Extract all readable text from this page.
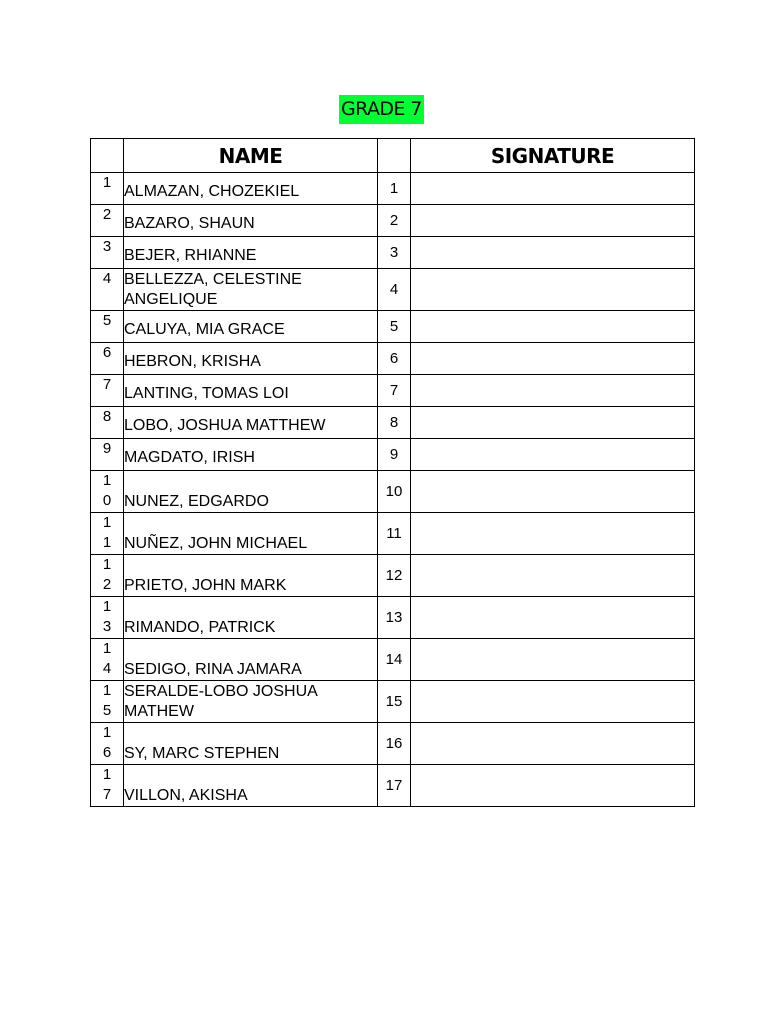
GRADE 7
	NAME		SIGNATURE

1	ALMAZAN, CHOZEKIEL	1	

2	BAZARO, SHAUN	2	

3	BEJER, RHIANNE	3	

4	BELLEZZA, CELESTINE ANGELIQUE	4	

5	CALUYA, MIA GRACE	5	

6	HEBRON, KRISHA	6	

7	LANTING, TOMAS LOI	7	

8	LOBO, JOSHUA MATTHEW	8	

9	MAGDATO, IRISH	9	

10	NUNEZ, EDGARDO	10	

11	NUÑEZ, JOHN MICHAEL	11	

12	PRIETO, JOHN MARK	12	

13	RIMANDO, PATRICK	13	

14	SEDIGO, RINA JAMARA	14	

15	SERALDE-LOBO JOSHUA MATHEW	15	

16	SY, MARC STEPHEN	16	

17	VILLON, AKISHA	17	
